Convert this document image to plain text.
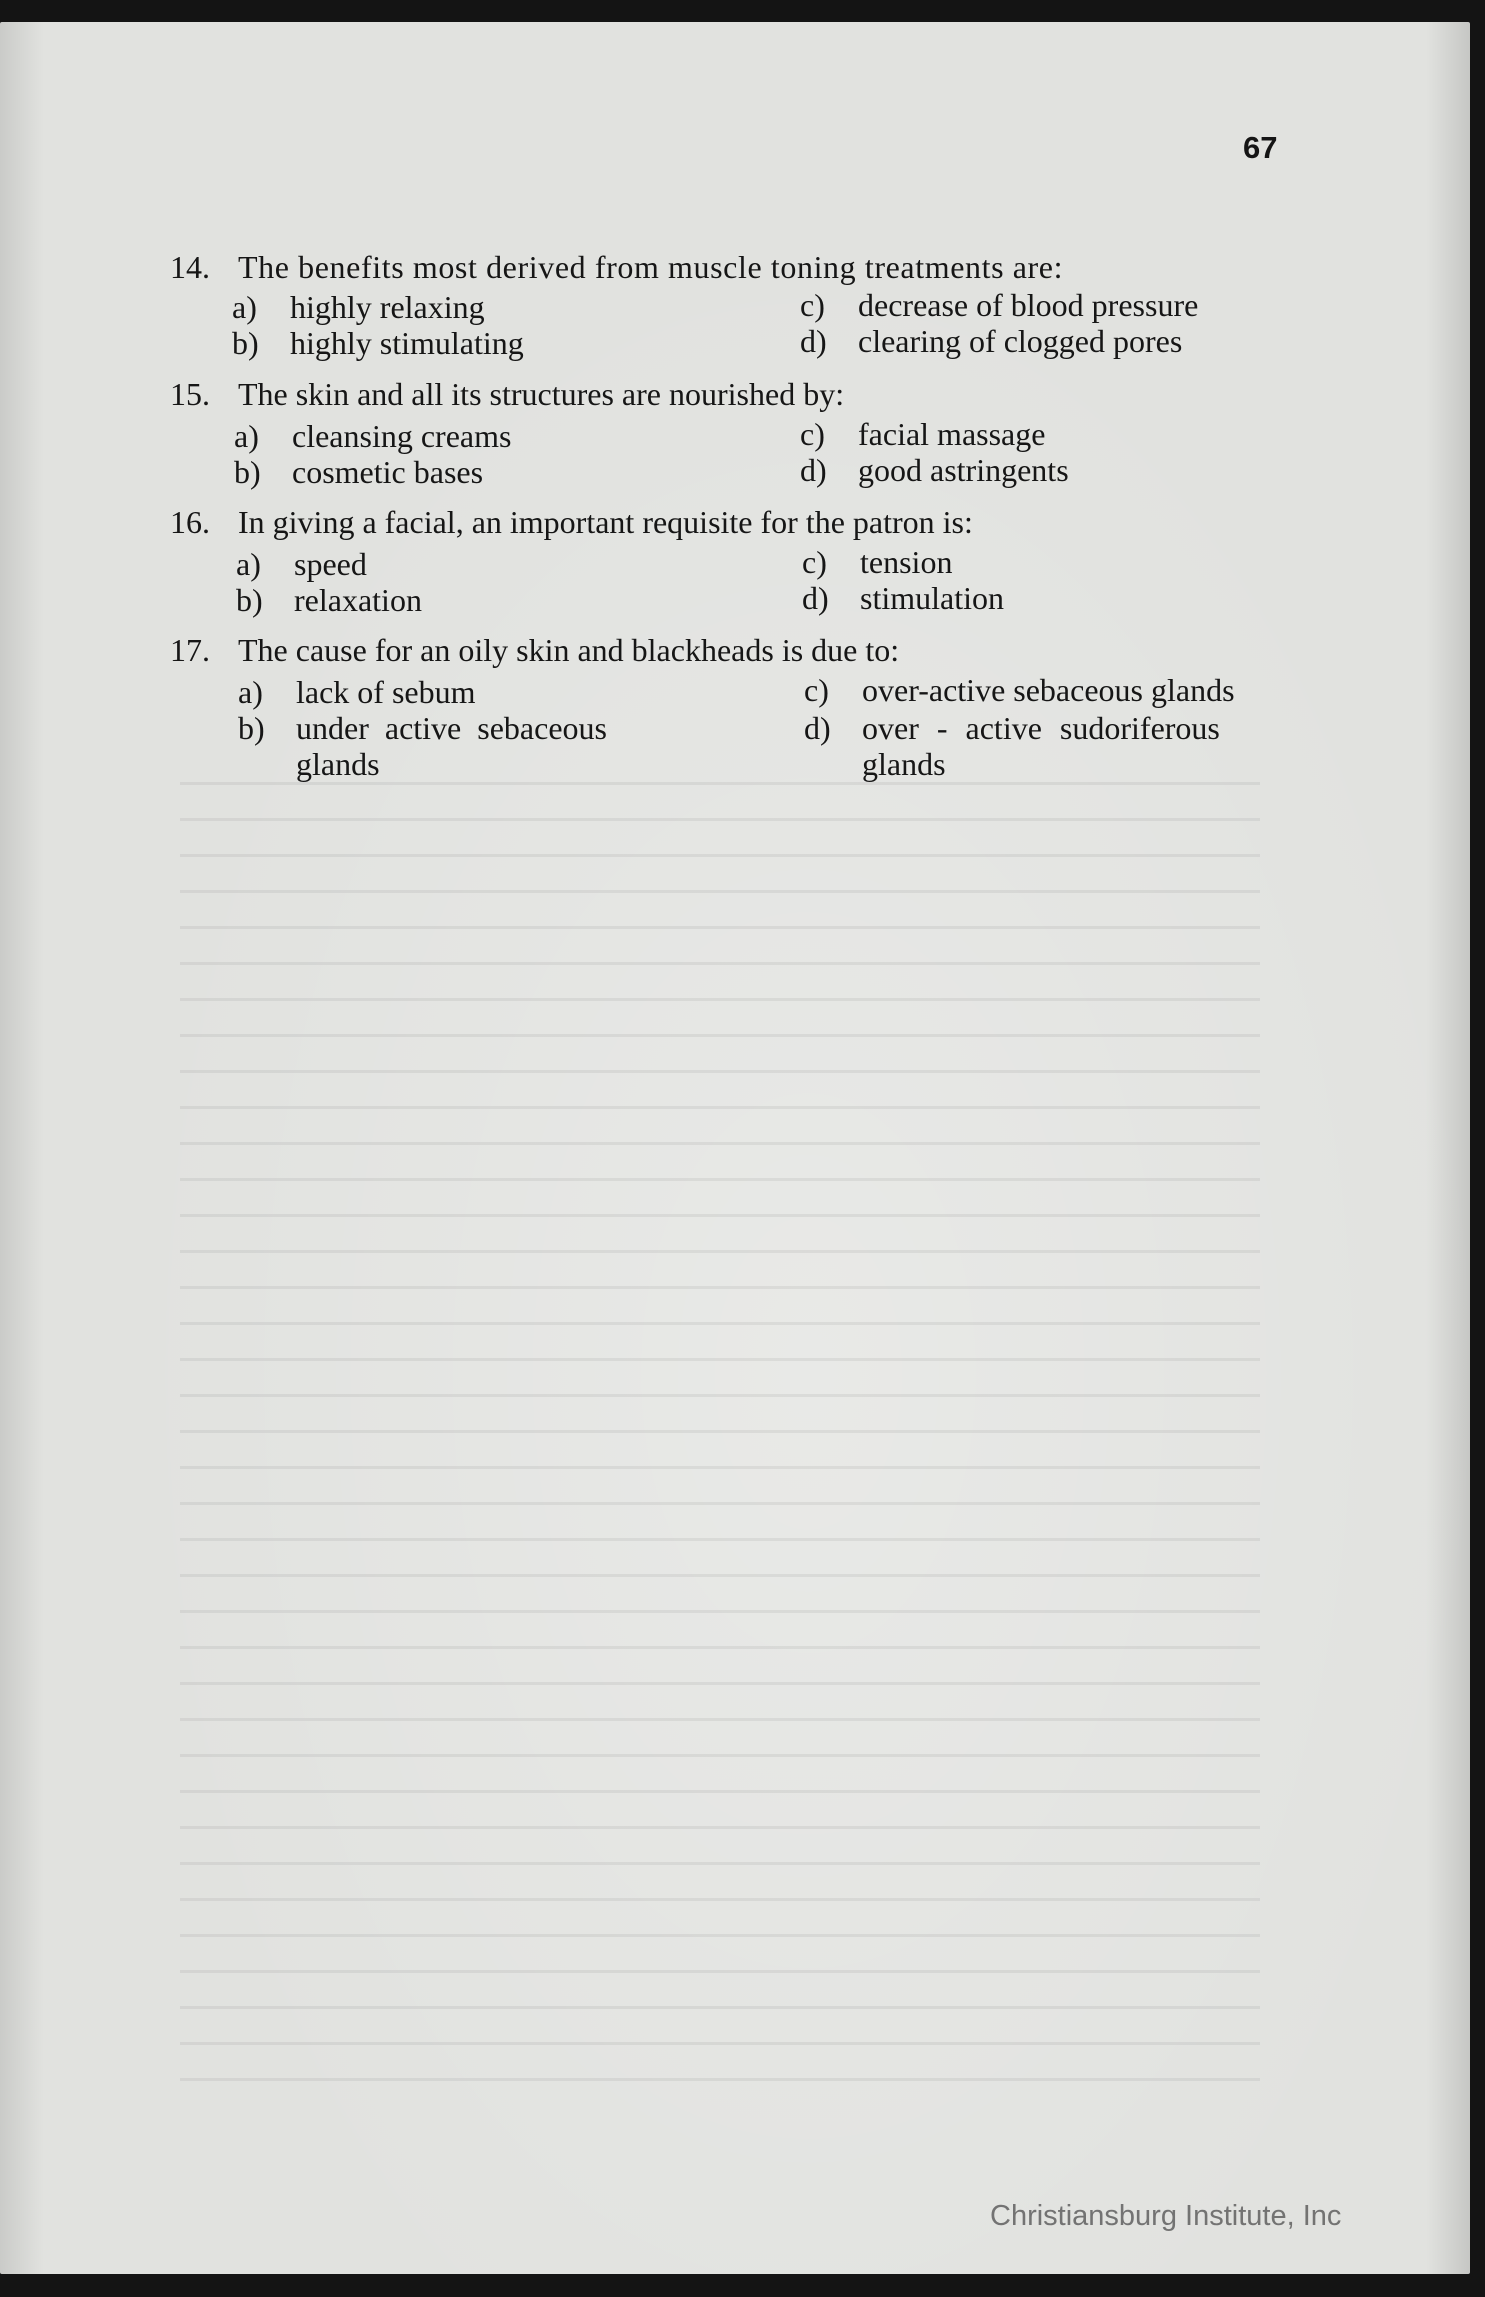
67
14. The benefits most derived from muscle toning treatments are:
a)	highly relaxing
b) highly stimulating
c)	decrease of blood pressure
d) clearing of clogged pores
15. The skin and all its structures are nourished by:
a)	cleansing creams
b) cosmetic bases
c)	facial massage
d) good astringents
16. In giving a facial, an important requisite for the patron is:
a)	speed
b) relaxation
c)	tension
d) stimulation
17. The cause for an oily skin and blackheads is due to:
a)	lack of sebum
b) under active sebaceous glands
c)	over-active sebaceous glands
d) over - active sudoriferous glands
Christiansburg Institute, Inc
